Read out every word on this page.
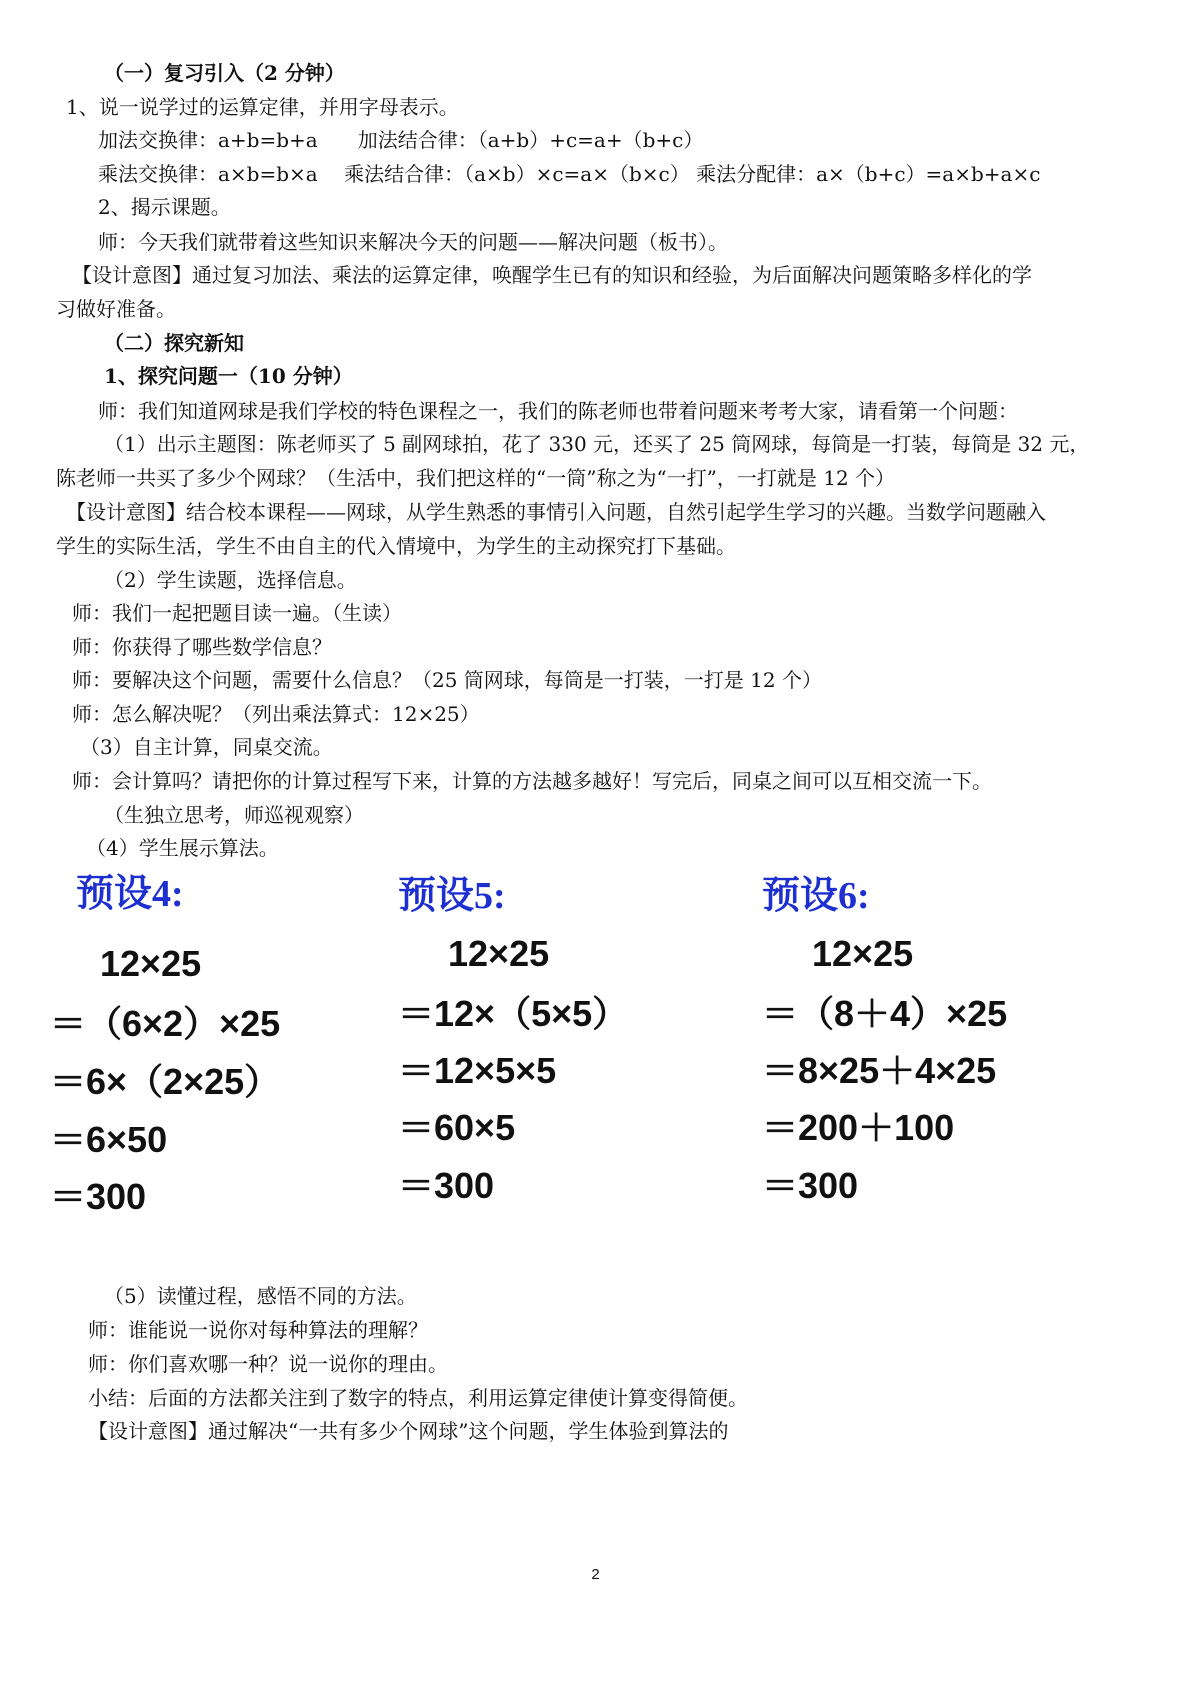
（一）复习引入（2 分钟）
1、说一说学过的运算定律，并用字母表示。
加法交换律：a+b=b+a　　加法结合律：（a+b）+c=a+（b+c）
乘法交换律：a×b=b×a　 乘法结合律：（a×b）×c=a×（b×c） 乘法分配律：a×（b+c）=a×b+a×c
2、揭示课题。
师：今天我们就带着这些知识来解决今天的问题——解决问题（板书）。
【设计意图】通过复习加法、乘法的运算定律，唤醒学生已有的知识和经验，为后面解决问题策略多样化的学
习做好准备。
（二）探究新知
1、探究问题一（10 分钟）
师：我们知道网球是我们学校的特色课程之一，我们的陈老师也带着问题来考考大家，请看第一个问题：
（1）出示主题图：陈老师买了 5 副网球拍，花了 330 元，还买了 25 筒网球，每筒是一打装，每筒是 32 元，
陈老师一共买了多少个网球？（生活中，我们把这样的“一筒”称之为“一打”，一打就是 12 个）
【设计意图】结合校本课程——网球，从学生熟悉的事情引入问题，自然引起学生学习的兴趣。当数学问题融入
学生的实际生活，学生不由自主的代入情境中，为学生的主动探究打下基础。
（2）学生读题，选择信息。
师：我们一起把题目读一遍。（生读）
师：你获得了哪些数学信息？
师：要解决这个问题，需要什么信息？（25 筒网球，每筒是一打装，一打是 12 个）
师：怎么解决呢？（列出乘法算式：12×25）
（3）自主计算，同桌交流。
师：会计算吗？请把你的计算过程写下来，计算的方法越多越好！写完后，同桌之间可以互相交流一下。
（生独立思考，师巡视观察）
（4）学生展示算法。
预设4:
12×25
＝（6×2）×25
＝6×（2×25）
＝6×50
＝300
预设5:
12×25
＝12×（5×5）
＝12×5×5
＝60×5
＝300
预设6:
12×25
＝（8＋4）×25
＝8×25＋4×25
＝200＋100
＝300
（5）读懂过程，感悟不同的方法。
师：谁能说一说你对每种算法的理解？
师：你们喜欢哪一种？说一说你的理由。
小结：后面的方法都关注到了数字的特点，利用运算定律使计算变得简便。
【设计意图】通过解决“一共有多少个网球”这个问题，学生体验到算法的
2
